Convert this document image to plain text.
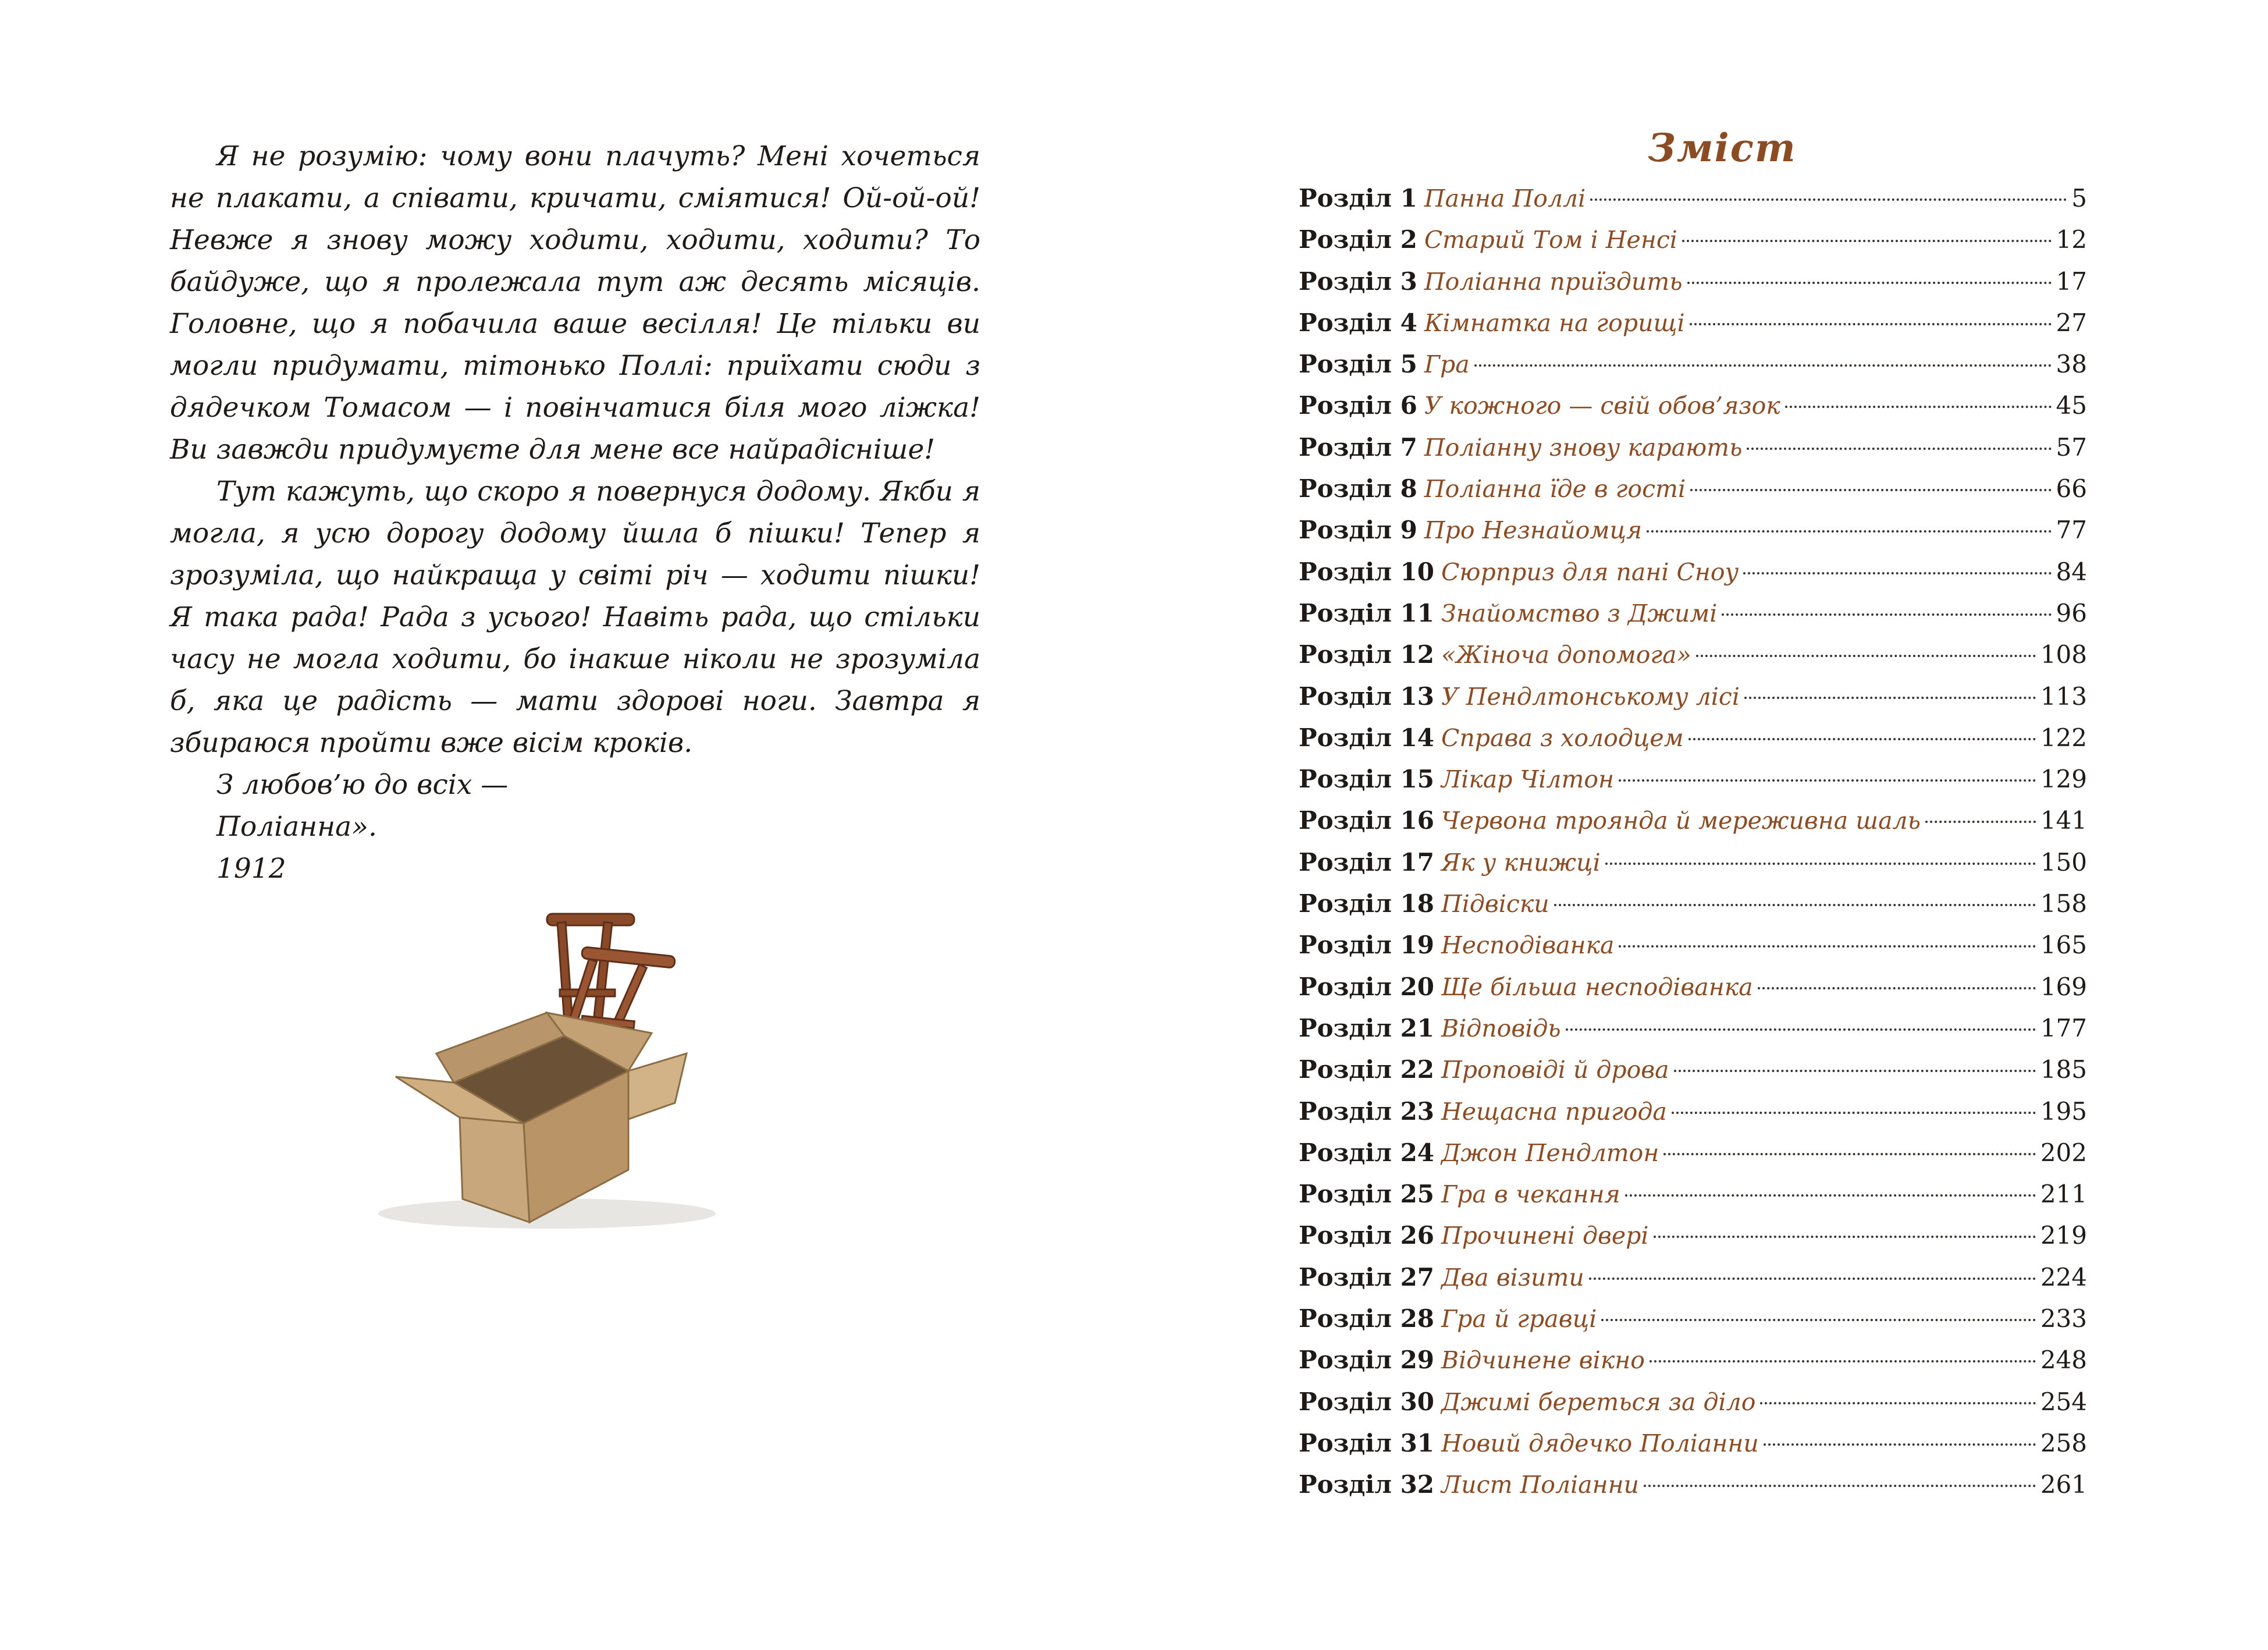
Я не розумію: чому вони плачуть? Мені хочеться не плакати, а співати, кричати, сміятися! Ой-ой-ой! Невже я знову можу ходити, ходити, ходити? То байдуже, що я пролежала тут аж десять місяців. Головне, що я побачила ваше весілля! Це тільки ви могли придумати, тітонько Поллі: приїхати сюди з дядечком Томасом — і повінчатися біля мого ліжка! Ви завжди придумуєте для мене все найрадісніше!

Тут кажуть, що скоро я повернуся додому. Якби я могла, я усю дорогу додому йшла б пішки! Тепер я зрозуміла, що найкраща у світі річ — ходити пішки! Я така рада! Рада з усього! Навіть рада, що стільки часу не могла ходити, бо інакше ніколи не зрозуміла б, яка це радість — мати здорові ноги. Завтра я збираюся пройти вже вісім кроків.

З любов’ю до всіх —

Поліанна».

1912

Зміст
Розділ 1 Панна Поллі	5
Розділ 2 Старий Том і Ненсі	12
Розділ 3 Поліанна приїздить	17
Розділ 4 Кімнатка на горищі	27
Розділ 5 Гра	38
Розділ 6 У кожного — свій обов’язок	45
Розділ 7 Поліанну знову карають	57
Розділ 8 Поліанна їде в гості	66
Розділ 9 Про Незнайомця	77
Розділ 10 Сюрприз для пані Сноу	84
Розділ 11 Знайомство з Джимі	96
Розділ 12 «Жіноча допомога»	108
Розділ 13 У Пендлтонському лісі	113
Розділ 14 Справа з холодцем	122
Розділ 15 Лікар Чілтон	129
Розділ 16 Червона троянда й мереживна шаль	141
Розділ 17 Як у книжці	150
Розділ 18 Підвіски	158
Розділ 19 Несподіванка	165
Розділ 20 Ще більша несподіванка	169
Розділ 21 Відповідь	177
Розділ 22 Проповіді й дрова	185
Розділ 23 Нещасна пригода	195
Розділ 24 Джон Пендлтон	202
Розділ 25 Гра в чекання	211
Розділ 26 Прочинені двері	219
Розділ 27 Два візити	224
Розділ 28 Гра й гравці	233
Розділ 29 Відчинене вікно	248
Розділ 30 Джимі береться за діло	254
Розділ 31 Новий дядечко Поліанни	258
Розділ 32 Лист Поліанни	261
